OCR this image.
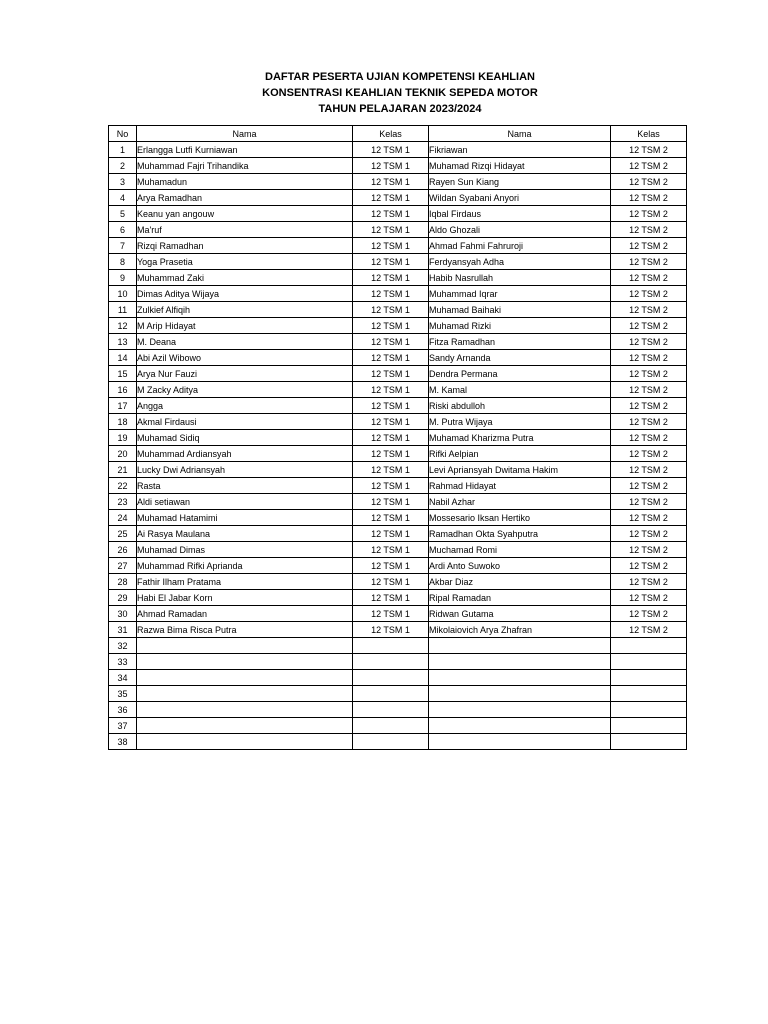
DAFTAR PESERTA UJIAN KOMPETENSI KEAHLIAN
KONSENTRASI KEAHLIAN TEKNIK SEPEDA MOTOR
TAHUN PELAJARAN 2023/2024
No	Nama	Kelas	Nama	Kelas
1	Erlangga Lutfi Kurniawan	12 TSM 1	Fikriawan	12 TSM 2
2	Muhammad Fajri Trihandika	12 TSM 1	Muhamad Rizqi Hidayat	12 TSM 2
3	Muhamadun	12 TSM 1	Rayen Sun Kiang	12 TSM 2
4	Arya Ramadhan	12 TSM 1	Wildan Syabani Anyori	12 TSM 2
5	Keanu yan angouw	12 TSM 1	Iqbal Firdaus	12 TSM 2
6	Ma'ruf	12 TSM 1	Aldo Ghozali	12 TSM 2
7	Rizqi Ramadhan	12 TSM 1	Ahmad Fahmi Fahruroji	12 TSM 2
8	Yoga Prasetia	12 TSM 1	Ferdyansyah Adha	12 TSM 2
9	Muhammad Zaki	12 TSM 1	Habib Nasrullah	12 TSM 2
10	Dimas Aditya Wijaya	12 TSM 1	Muhammad Iqrar	12 TSM 2
11	Zulkief Alfiqih	12 TSM 1	Muhamad Baihaki	12 TSM 2
12	M Arip Hidayat	12 TSM 1	Muhamad Rizki	12 TSM 2
13	M. Deana	12 TSM 1	Fitza Ramadhan	12 TSM 2
14	Abi Azil Wibowo	12 TSM 1	Sandy Arnanda	12 TSM 2
15	Arya Nur Fauzi	12 TSM 1	Dendra Permana	12 TSM 2
16	M Zacky Aditya	12 TSM 1	M. Kamal	12 TSM 2
17	Angga	12 TSM 1	Riski abdulloh	12 TSM 2
18	Akmal Firdausi	12 TSM 1	M. Putra Wijaya	12 TSM 2
19	Muhamad Sidiq	12 TSM 1	Muhamad Kharizma Putra	12 TSM 2
20	Muhammad Ardiansyah	12 TSM 1	Rifki Aelpian	12 TSM 2
21	Lucky Dwi Adriansyah	12 TSM 1	Levi Apriansyah Dwitama Hakim	12 TSM 2
22	Rasta	12 TSM 1	Rahmad Hidayat	12 TSM 2
23	Aldi setiawan	12 TSM 1	Nabil Azhar	12 TSM 2
24	Muhamad Hatamimi	12 TSM 1	Mossesario Iksan Hertiko	12 TSM 2
25	Ai Rasya Maulana	12 TSM 1	Ramadhan Okta Syahputra	12 TSM 2
26	Muhamad Dimas	12 TSM 1	Muchamad Romi	12 TSM 2
27	Muhammad Rifki Aprianda	12 TSM 1	Ardi Anto Suwoko	12 TSM 2
28	Fathir Ilham Pratama	12 TSM 1	Akbar Diaz	12 TSM 2
29	Habi El Jabar Korn	12 TSM 1	Ripal Ramadan	12 TSM 2
30	Ahmad Ramadan	12 TSM 1	Ridwan Gutama	12 TSM 2
31	Razwa Bima Risca Putra	12 TSM 1	Mikolaiovich Arya Zhafran	12 TSM 2
32				
33				
34				
35				
36				
37				
38				
